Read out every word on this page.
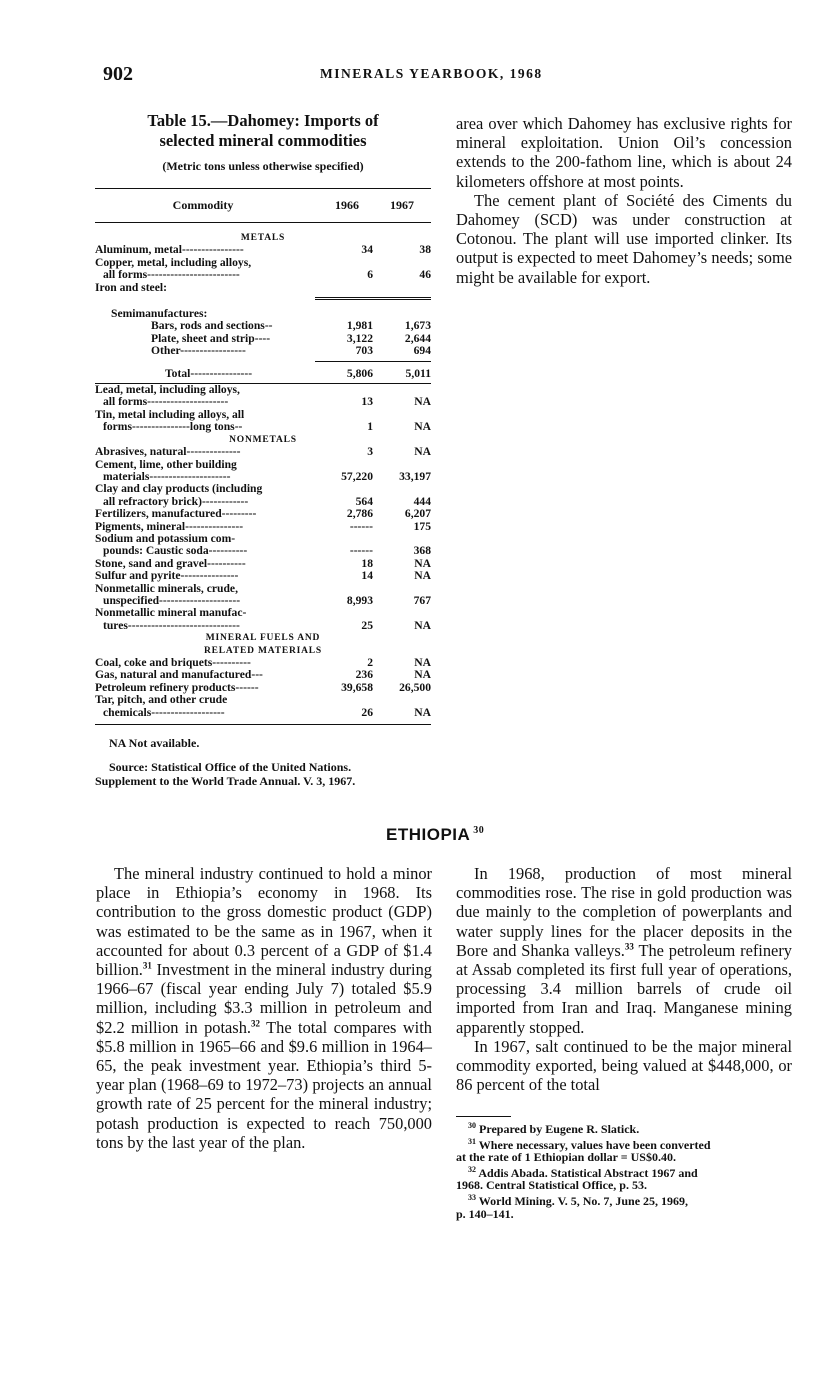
902	MINERALS YEARBOOK, 1968
Table 15.—Dahomey: Imports of
selected mineral commodities
(Metric tons unless otherwise specified)
Commodity	1966	1967
METALS
Aluminum, metal----------------	34	38
Copper, metal, including alloys,
all forms------------------------	6	46
Iron and steel:
Semimanufactures:
Bars, rods and sections--	1,981	1,673
Plate, sheet and strip----	3,122	2,644
Other-----------------	703	694
Total----------------	5,806	5,011
Lead, metal, including alloys,
all forms---------------------	13	NA
Tin, metal including alloys, all
forms---------------long tons--	1	NA
NONMETALS
Abrasives, natural--------------	3	NA
Cement, lime, other building
materials---------------------	57,220	33,197
Clay and clay products (including
all refractory brick)------------	564	444
Fertilizers, manufactured---------	2,786	6,207
Pigments, mineral---------------	------	175
Sodium and potassium com-
pounds: Caustic soda----------	------	368
Stone, sand and gravel----------	18	NA
Sulfur and pyrite---------------	14	NA
Nonmetallic minerals, crude,
unspecified---------------------	8,993	767
Nonmetallic mineral manufac-
tures-----------------------------	25	NA
MINERAL FUELS AND
RELATED MATERIALS
Coal, coke and briquets----------	2	NA
Gas, natural and manufactured---	236	NA
Petroleum refinery products------	39,658	26,500
Tar, pitch, and other crude
chemicals-------------------	26	NA
NA Not available.
Source: Statistical Office of the United Nations.
Supplement to the World Trade Annual. V. 3, 1967.

area over which Dahomey has exclusive rights for mineral exploitation. Union Oil’s concession extends to the 200-fathom line, which is about 24 kilometers offshore at most points.

The cement plant of Société des Ciments du Dahomey (SCD) was under construction at Cotonou. The plant will use imported clinker. Its output is expected to meet Dahomey’s needs; some might be available for export.

ETHIOPIA $^{30}$

The mineral industry continued to hold a minor place in Ethiopia’s economy in 1968. Its contribution to the gross domestic product (GDP) was estimated to be the same as in 1967, when it accounted for about 0.3 percent of a GDP of $1.4 billion.$^{31}$ Investment in the mineral industry during 1966–67 (fiscal year ending July 7) totaled $5.9 million, including $3.3 million in petroleum and $2.2 million in potash.$^{32}$ The total compares with $5.8 million in 1965–66 and $9.6 million in 1964–65, the peak investment year. Ethiopia’s third 5-year plan (1968–69 to 1972–73) projects an annual growth rate of 25 percent for the mineral industry; potash production is expected to reach 750,000 tons by the last year of the plan.

In 1968, production of most mineral commodities rose. The rise in gold production was due mainly to the completion of powerplants and water supply lines for the placer deposits in the Bore and Shanka valleys.$^{33}$ The petroleum refinery at Assab completed its first full year of operations, processing 3.4 million barrels of crude oil imported from Iran and Iraq. Manganese mining apparently stopped.

In 1967, salt continued to be the major mineral commodity exported, being valued at $448,000, or 86 percent of the total

$^{30}$ Prepared by Eugene R. Slatick.
$^{31}$ Where necessary, values have been converted
at the rate of 1 Ethiopian dollar = US$0.40.
$^{32}$ Addis Abada. Statistical Abstract 1967 and
1968. Central Statistical Office, p. 53.
$^{33}$ World Mining. V. 5, No. 7, June 25, 1969,
p. 140–141.
